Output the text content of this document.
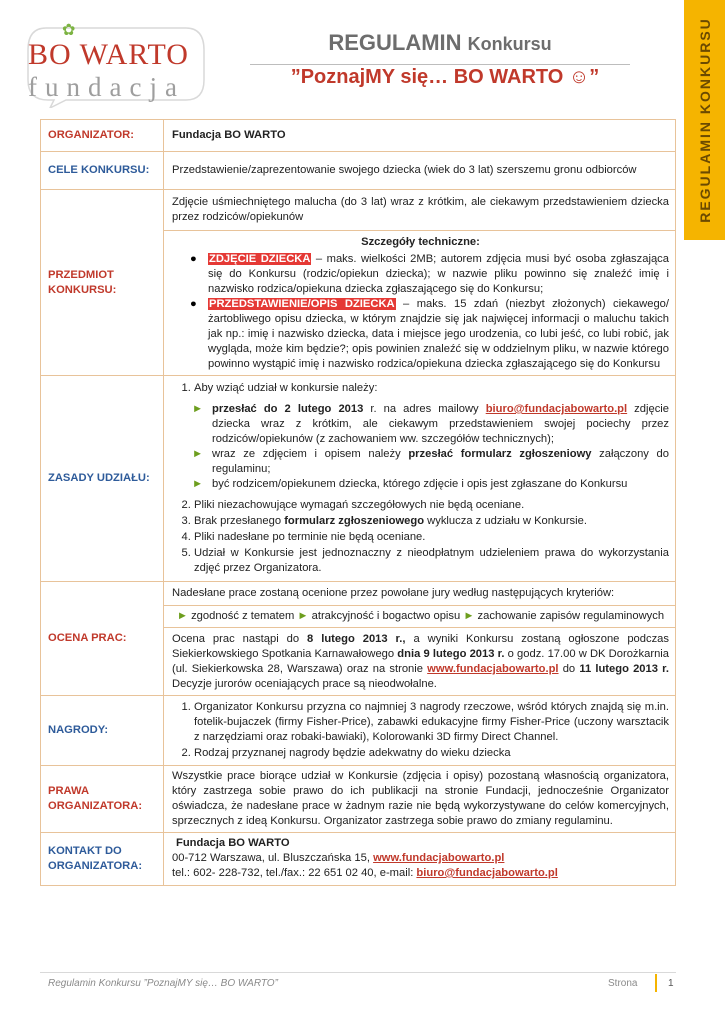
✿
BO WARTO
fundacja
REGULAMIN Konkursu
”PoznajMY się… BO WARTO ☺”	REGULAMIN KONKURSU
ORGANIZATOR:	Fundacja BO WARTO
CELE KONKURSU:	Przedstawienie/zaprezentowanie swojego dziecka (wiek do 3 lat) szerszemu gronu odbiorców
PRZEDMIOT KONKURSU:	
Zdjęcie uśmiechniętego malucha (do 3 lat) wraz z krótkim, ale ciekawym przedstawieniem dziecka przez rodziców/opiekunów

Szczegóły techniczne:
● ZDJĘCIE DZIECKA – maks. wielkości 2MB; autorem zdjęcia musi być osoba zgłaszająca się do Konkursu (rodzic/opiekun dziecka); w nazwie pliku powinno się znaleźć imię i nazwisko rodzica/opiekuna dziecka zgłaszającego się do Konkursu;
● PRZEDSTAWIENIE/OPIS DZIECKA – maks. 15 zdań (niezbyt złożonych) ciekawego/żartobliwego opisu dziecka, w którym znajdzie się jak najwięcej informacji o maluchu takich jak np.: imię i nazwisko dziecka, data i miejsce jego urodzenia, co lubi jeść, co lubi robić, jak wygląda, może kim będzie?; opis powinien znaleźć się w oddzielnym pliku, w nazwie którego powinno wystąpić imię i nazwisko rodzica/opiekuna dziecka zgłaszającego się do Konkursu

ZASADY UDZIAŁU:	
1. Aby wziąć udział w konkursie należy:
► przesłać do 2 lutego 2013 r. na adres mailowy biuro@fundacjabowarto.pl zdjęcie dziecka wraz z krótkim, ale ciekawym przedstawieniem swojej pociechy przez rodziców/opiekunów (z zachowaniem ww. szczegółów technicznych);
► wraz ze zdjęciem i opisem należy przesłać formularz zgłoszeniowy załączony do regulaminu;
► być rodzicem/opiekunem dziecka, którego zdjęcie i opis jest zgłaszane do Konkursu
2. Pliki niezachowujące wymagań szczegółowych nie będą oceniane.
3. Brak przesłanego formularz zgłoszeniowego wyklucza z udziału w Konkursie.
4. Pliki nadesłane po terminie nie będą oceniane.
5. Udział w Konkursie jest jednoznaczny z nieodpłatnym udzieleniem prawa do wykorzystania zdjęć przez Organizatora.

OCENA PRAC:	
Nadesłane prace zostaną ocenione przez powołane jury według następujących kryteriów:
► zgodność z tematem ► atrakcyjność i bogactwo opisu ► zachowanie zapisów regulaminowych
Ocena prac nastąpi do 8 lutego 2013 r., a wyniki Konkursu zostaną ogłoszone podczas Siekierkowskiego Spotkania Karnawałowego dnia 9 lutego 2013 r. o godz. 17.00 w DK Dorożkarnia (ul. Siekierkowska 28, Warszawa) oraz na stronie www.fundacjabowarto.pl do 11 lutego 2013 r. Decyzje jurorów oceniających prace są nieodwołalne.

NAGRODY:	
1. Organizator Konkursu przyzna co najmniej 3 nagrody rzeczowe, wśród których znajdą się m.in. fotelik-bujaczek (firmy Fisher-Price), zabawki edukacyjne firmy Fisher-Price (uczony warsztacik z narzędziami oraz robaki-bawiaki), Kolorowanki 3D firmy Direct Channel.
2. Rodzaj przyznanej nagrody będzie adekwatny do wieku dziecka

PRAWA ORGANIZATORA:	Wszystkie prace biorące udział w Konkursie (zdjęcia i opisy) pozostaną własnością organizatora, który zastrzega sobie prawo do ich publikacji na stronie Fundacji, jednocześnie Organizator oświadcza, że nadesłane prace w żadnym razie nie będą wykorzystywane do celów komercyjnych, sprzecznych z ideą Konkursu. Organizator zastrzega sobie prawo do zmiany regulaminu.
KONTAKT DO ORGANIZATORA:	
Fundacja BO WARTO
00-712 Warszawa, ul. Bluszczańska 15, www.fundacjabowarto.pl
tel.: 602- 228-732, tel./fax.: 22 651 02 40, e-mail: biuro@fundacjabowarto.pl
Regulamin Konkursu ”PoznajMY się… BO WARTO”	Strona	1
